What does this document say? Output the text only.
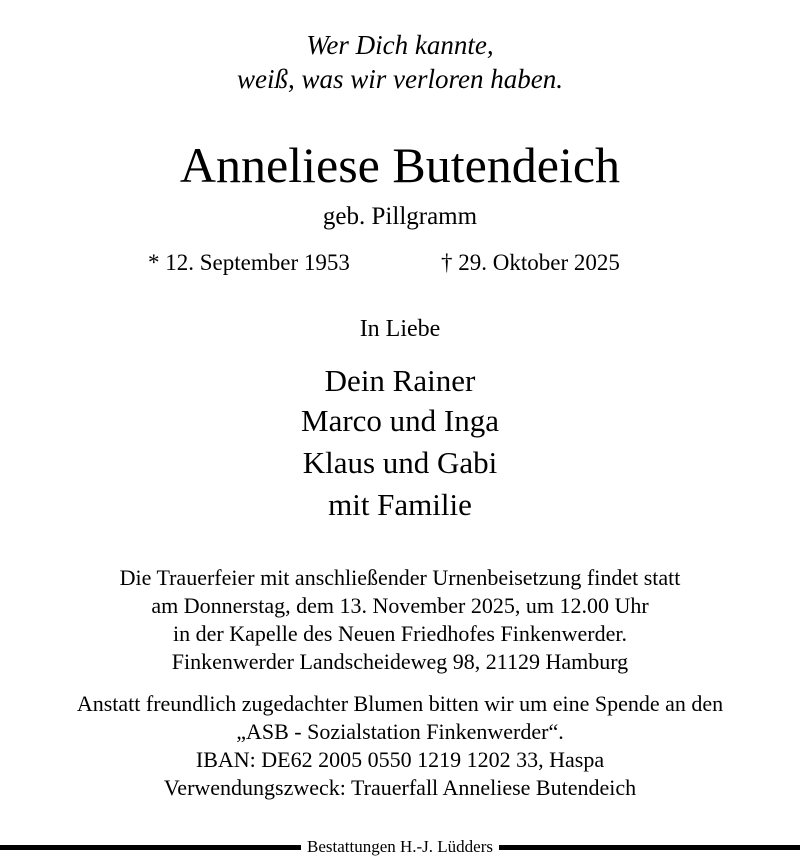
Wer Dich kannte,
weiß, was wir verloren haben.
Anneliese Butendeich
geb. Pillgramm
* 12. September 1953	† 29. Oktober 2025
In Liebe
Dein Rainer
Marco und Inga
Klaus und Gabi
mit Familie
Die Trauerfeier mit anschließender Urnenbeisetzung findet statt
am Donnerstag, dem 13. November 2025, um 12.00 Uhr
in der Kapelle des Neuen Friedhofes Finkenwerder.
Finkenwerder Landscheideweg 98, 21129 Hamburg
Anstatt freundlich zugedachter Blumen bitten wir um eine Spende an den
„ASB - Sozialstation Finkenwerder“.
IBAN: DE62 2005 0550 1219 1202 33, Haspa
Verwendungszweck: Trauerfall Anneliese Butendeich
Bestattungen H.-J. Lüdders
